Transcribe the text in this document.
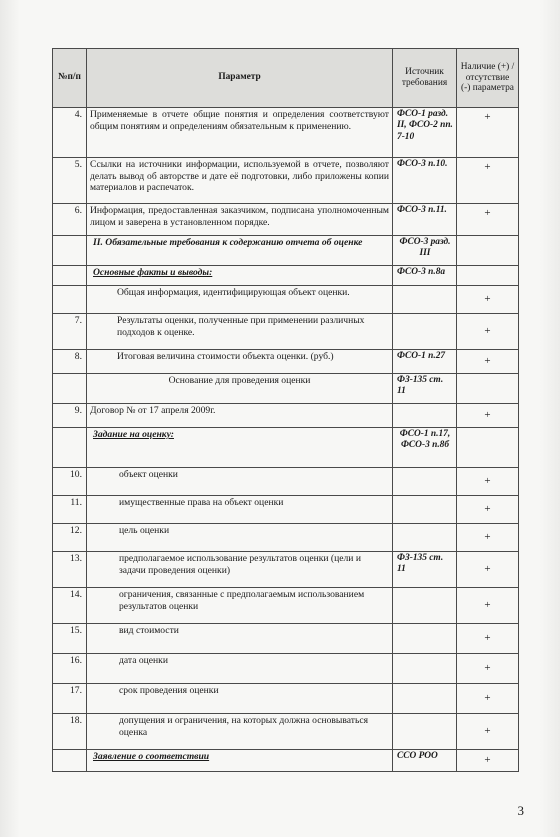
№п/п	Параметр	Источник требования	Наличие (+) /отсутствие (-) параметра
4.	Применяемые в отчете общие понятия и определения соответствуют общим понятиям и определениям обязательным к применению.	ФСО-1 разд. II, ФСО-2 пп. 7-10	+
5.	Ссылки на источники информации, используемой в отчете, позволяют делать вывод об авторстве и дате её подготовки, либо приложены копии материалов и распечаток.	ФСО-3 п.10.	+
6.	Информация, предоставленная заказчиком, подписана уполномоченным лицом и заверена в установленном порядке.	ФСО-3 п.11.	+
	II. Обязательные требования к содержанию отчета об оценке	ФСО-3 разд. III	
	Основные факты и выводы:	ФСО-3 п.8а	
	Общая информация, идентифицирующая объект оценки.		+
7.	Результаты оценки, полученные при применении различных подходов к оценке.		+
8.	Итоговая величина стоимости объекта оценки. (руб.)	ФСО-1 п.27	+
	Основание для проведения оценки	ФЗ-135 ст. 11	
9.	Договор № от 17 апреля 2009г.		+
	Задание на оценку:	ФСО-1 п.17, ФСО-3 п.8б	
10.	объект оценки		+
11.	имущественные права на объект оценки		+
12.	цель оценки		+
13.	предполагаемое использование результатов оценки (цели и задачи проведения оценки)	ФЗ-135 ст. 11	+
14.	ограничения, связанные с предполагаемым использованием результатов оценки		+
15.	вид стоимости		+
16.	дата оценки		+
17.	срок проведения оценки		+
18.	допущения и ограничения, на которых должна основываться оценка		+
	Заявление о соответствии	ССО РОО	+
3
